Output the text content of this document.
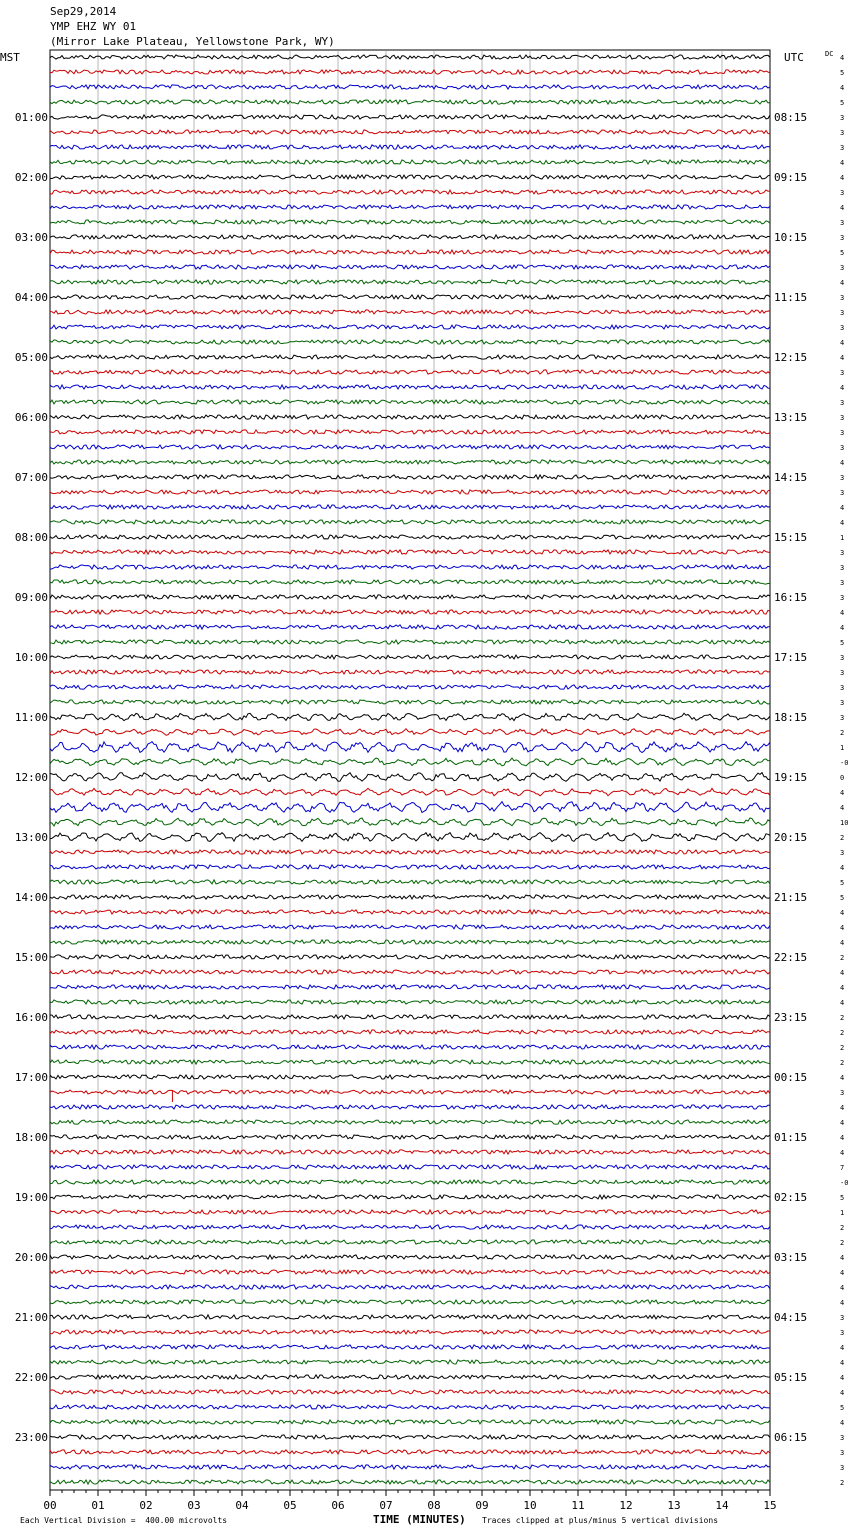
Sep29,2014
YMP EHZ WY 01
(Mirror Lake Plateau, Yellowstone Park, WY)
00	01	02	03	04	05	06	07	08	09	10	11	12	13	14	15
4
5
4
5
3
3
3
4
4
3
4
3
3
5
3
4
3
3
3
4
4
3
4
3
3
3
3
4
3
3
4
4
1
3
3
3
3
4
4
5
3
3
3
3
3
2
1
-0
0
4
4
10
2
3
4
5
5
4
4
4
2
4
4
4
2
2
2
2
4
3
4
4
4
4
7
-0
5
1
2
2
4
4
4
4
3
3
4
4
4
4
5
4
3
3
3
2
01:00	08:15
02:00	09:15
03:00	10:15
04:00	11:15
05:00	12:15
06:00	13:15
07:00	14:15
08:00	15:15
09:00	16:15
10:00	17:15
11:00	18:15
12:00	19:15
13:00	20:15
14:00	21:15
15:00	22:15
16:00	23:15
17:00	00:15
18:00	01:15
19:00	02:15
20:00	03:15
21:00	04:15
22:00	05:15
23:00	06:15
MST	UTC	DC
Each Vertical Division =  400.00 microvolts	TIME (MINUTES) Traces clipped at plus/minus 5 vertical divisions
